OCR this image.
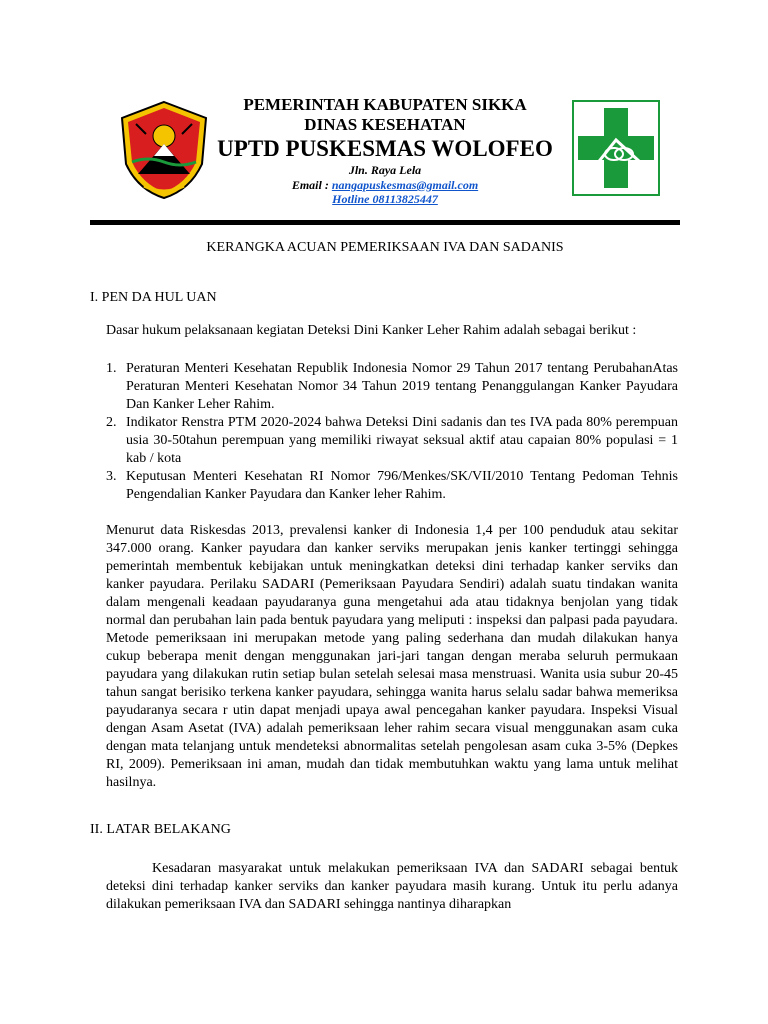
PEMERINTAH KABUPATEN SIKKA

DINAS KESEHATAN

UPTD PUSKESMAS WOLOFEO

Jln. Raya Lela

Email : nangapuskesmas@gmail.com

Hotline 08113825447

KERANGKA ACUAN PEMERIKSAAN IVA DAN SADANIS

I. PEN DA HUL UAN

Dasar hukum pelaksanaan kegiatan Deteksi Dini Kanker Leher Rahim adalah sebagai berikut :

1. Peraturan Menteri Kesehatan Republik Indonesia Nomor 29 Tahun 2017 tentang PerubahanAtas Peraturan Menteri Kesehatan Nomor 34 Tahun 2019 tentang Penanggulangan Kanker Payudara Dan Kanker Leher Rahim.
2. Indikator Renstra PTM 2020-2024 bahwa Deteksi Dini sadanis dan tes IVA pada 80% perempuan usia 30-50tahun perempuan yang memiliki riwayat seksual aktif atau capaian 80% populasi = 1 kab / kota
3. Keputusan Menteri Kesehatan RI Nomor 796/Menkes/SK/VII/2010 Tentang Pedoman Tehnis Pengendalian Kanker Payudara dan Kanker leher Rahim.

Menurut data Riskesdas 2013, prevalensi kanker di Indonesia 1,4 per 100 penduduk atau sekitar 347.000 orang. Kanker payudara dan kanker serviks merupakan jenis kanker tertinggi sehingga pemerintah membentuk kebijakan untuk meningkatkan deteksi dini terhadap kanker serviks dan kanker payudara. Perilaku SADARI (Pemeriksaan Payudara Sendiri) adalah suatu tindakan wanita dalam mengenali keadaan payudaranya guna mengetahui ada atau tidaknya benjolan yang tidak normal dan perubahan lain pada bentuk payudara yang meliputi : inspeksi dan palpasi pada payudara. Metode pemeriksaan ini merupakan metode yang paling sederhana dan mudah dilakukan hanya cukup beberapa menit dengan menggunakan jari-jari tangan dengan meraba seluruh permukaan payudara yang dilakukan rutin setiap bulan setelah selesai masa menstruasi. Wanita usia subur 20-45 tahun sangat berisiko terkena kanker payudara, sehingga wanita harus selalu sadar bahwa memeriksa payudaranya secara r utin dapat menjadi upaya awal pencegahan kanker payudara. Inspeksi Visual dengan Asam Asetat (IVA) adalah pemeriksaan leher rahim secara visual menggunakan asam cuka dengan mata telanjang untuk mendeteksi abnormalitas setelah pengolesan asam cuka 3-5% (Depkes RI, 2009). Pemeriksaan ini aman, mudah dan tidak membutuhkan waktu yang lama untuk melihat hasilnya.

II. LATAR BELAKANG

Kesadaran masyarakat untuk melakukan pemeriksaan IVA dan SADARI sebagai bentuk deteksi dini terhadap kanker serviks dan kanker payudara masih kurang. Untuk itu perlu adanya dilakukan pemeriksaan IVA dan SADARI sehingga nantinya diharapkan
